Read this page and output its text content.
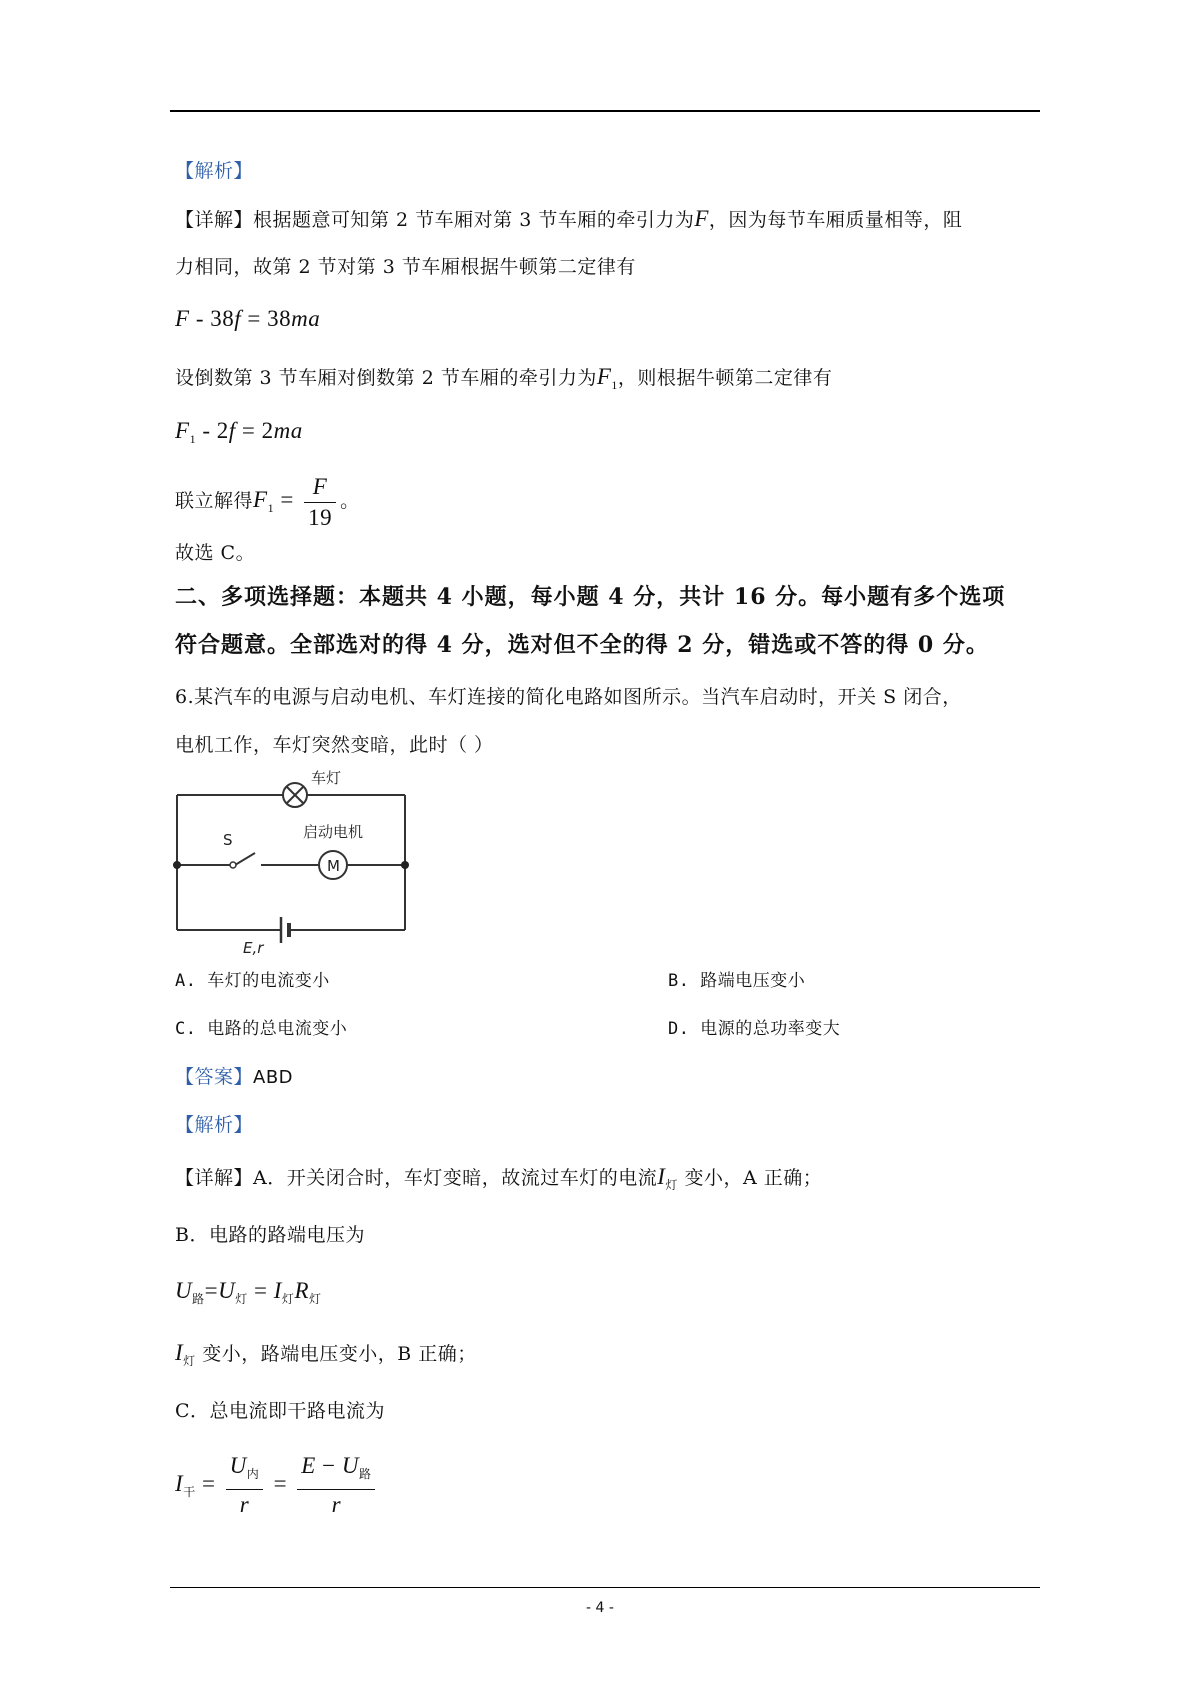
【解析】
【详解】根据题意可知第 2 节车厢对第 3 节车厢的牵引力为F，因为每节车厢质量相等，阻
力相同，故第 2 节对第 3 节车厢根据牛顿第二定律有
F - 38f = 38ma
设倒数第 3 节车厢对倒数第 2 节车厢的牵引力为$F_1$，则根据牛顿第二定律有
$F_1 - 2f = 2ma$
联立解得$F_1 = \frac{F}{19}$ 。
故选 C。
二、多项选择题：本题共 4 小题，每小题 4 分，共计 16 分。每小题有多个选项
符合题意。全部选对的得 4 分，选对但不全的得 2 分，错选或不答的得 0 分。
6.某汽车的电源与启动电机、车灯连接的简化电路如图所示。当汽车启动时，开关 S 闭合，
电机工作，车灯突然变暗，此时（ ）
车灯
S	启动电机
M
E,r
A. 车灯的电流变小	B. 路端电压变小
C. 电路的总电流变小	D. 电源的总功率变大
【答案】ABD
【解析】
【详解】A．开关闭合时，车灯变暗，故流过车灯的电流$I_灯$ 变小，A 正确；
B．电路的路端电压为
$U_路=U_灯 = I_灯R_灯$
$I_灯$ 变小，路端电压变小，B 正确；
C．总电流即干路电流为
$I_干 = \frac{U_内}{r} = \frac{E - U_路}{r}$
- 4 -
